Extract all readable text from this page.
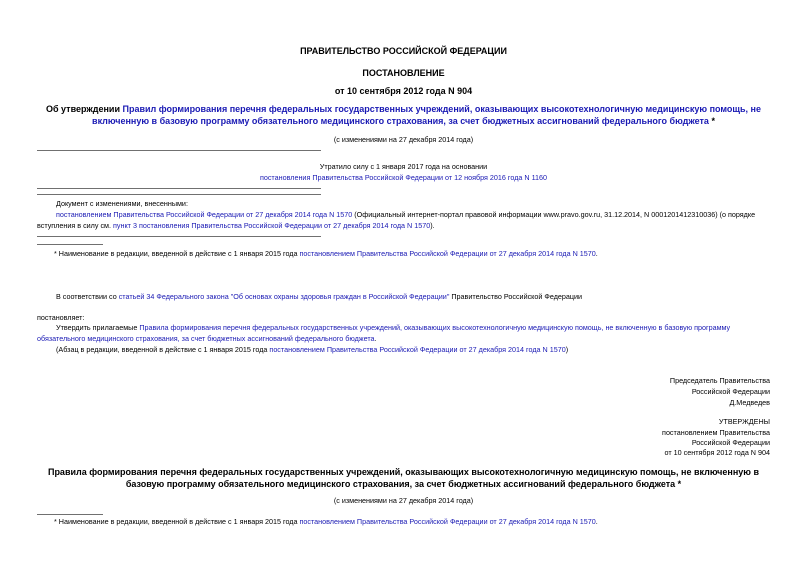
ПРАВИТЕЛЬСТВО РОССИЙСКОЙ ФЕДЕРАЦИИ
ПОСТАНОВЛЕНИЕ
от 10 сентября 2012 года N 904
Об утверждении Правил формирования перечня федеральных государственных учреждений, оказывающих высокотехнологичную медицинскую помощь, не
включенную в базовую программу обязательного медицинского страхования, за счет бюджетных ассигнований федерального бюджета *
(с изменениями на 27 декабря 2014 года)
Утратило силу с 1 января 2017 года на основании
постановления Правительства Российской Федерации от 12 ноября 2016 года N 1160
Документ с изменениями, внесенными:
постановлением Правительства Российской Федерации от 27 декабря 2014 года N 1570 (Официальный интернет-портал правовой информации www.pravo.gov.ru, 31.12.2014, N 0001201412310036) (о порядке
вступления в силу см. пункт 3 постановления Правительства Российской Федерации от 27 декабря 2014 года N 1570).
* Наименование в редакции, введенной в действие с 1 января 2015 года постановлением Правительства Российской Федерации от 27 декабря 2014 года N 1570.
В соответствии со статьей 34 Федерального закона "Об основах охраны здоровья граждан в Российской Федерации" Правительство Российской Федерации
постановляет:
Утвердить прилагаемые Правила формирования перечня федеральных государственных учреждений, оказывающих высокотехнологичную медицинскую помощь, не включенную в базовую программу
обязательного медицинского страхования, за счет бюджетных ассигнований федерального бюджета.
(Абзац в редакции, введенной в действие с 1 января 2015 года постановлением Правительства Российской Федерации от 27 декабря 2014 года N 1570)
Председатель Правительства
Российской Федерации
Д.Медведев
УТВЕРЖДЕНЫ
постановлением Правительства
Российской Федерации
от 10 сентября 2012 года N 904
Правила формирования перечня федеральных государственных учреждений, оказывающих высокотехнологичную медицинскую помощь, не включенную в
базовую программу обязательного медицинского страхования, за счет бюджетных ассигнований федерального бюджета *
(с изменениями на 27 декабря 2014 года)
* Наименование в редакции, введенной в действие с 1 января 2015 года постановлением Правительства Российской Федерации от 27 декабря 2014 года N 1570.
